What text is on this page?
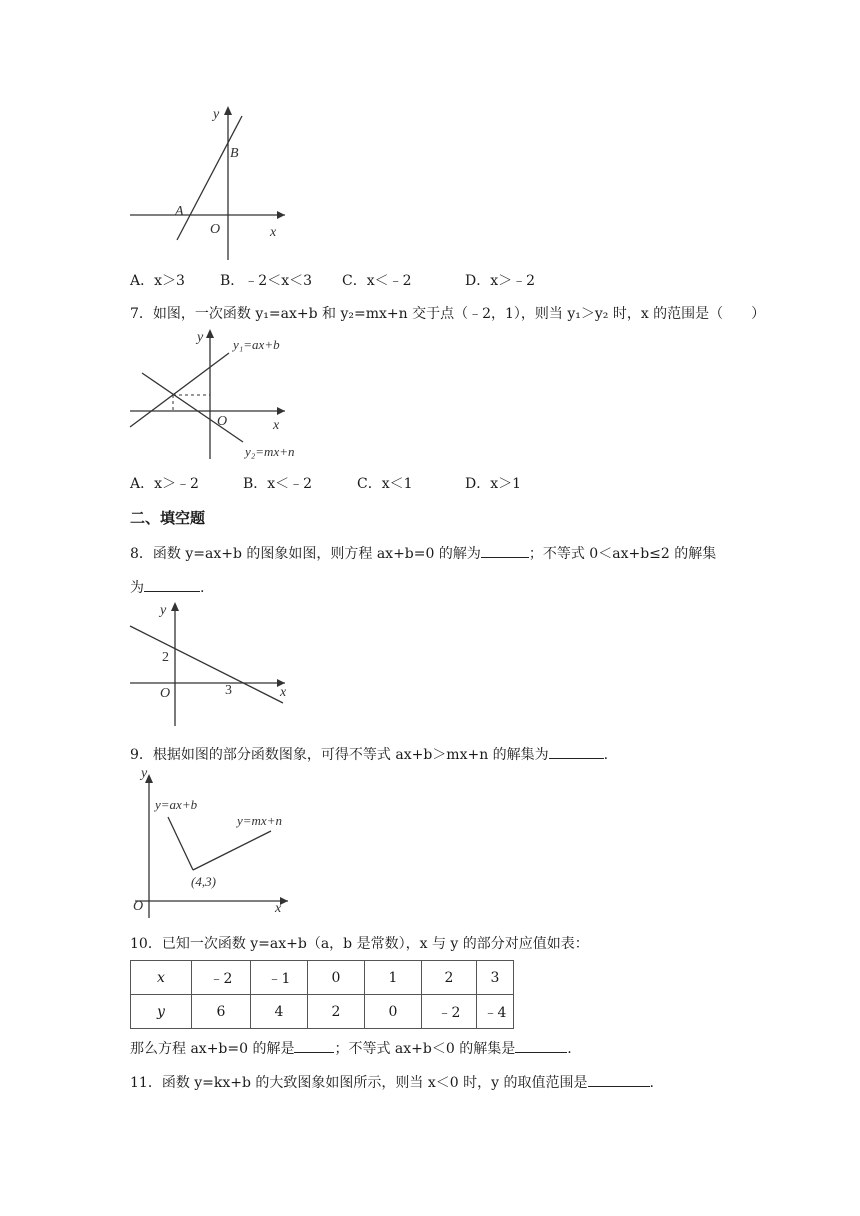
y
B
A
O	x
A．x＞3	B．﹣2＜x＜3 C．x＜﹣2	D．x＞﹣2
7．如图，一次函数 y₁=ax+b 和 y₂=mx+n 交于点（﹣2，1），则当 y₁＞y₂ 时，x 的范围是（　　）
y y₁=ax+b
O	x
y₂=mx+n
A．x＞﹣2	B．x＜﹣2	C．x＜1	D．x＞1
二、填空题
8．函数 y=ax+b 的图象如图，则方程 ax+b=0 的解为	；不等式 0＜ax+b≤2 的解集
为	.
y
2
O	3	x
9．根据如图的部分函数图象，可得不等式 ax+b＞mx+n 的解集为	.
y
y=ax+b
y=mx+n
(4,3)
O	x
10．已知一次函数 y=ax+b（a，b 是常数），x 与 y 的部分对应值如表：
x	﹣2	﹣1	0	1	2	3
y	6	4	2	0	﹣2	﹣4
那么方程 ax+b=0 的解是	；不等式 ax+b＜0 的解集是	.
11．函数 y=kx+b 的大致图象如图所示，则当 x＜0 时，y 的取值范围是	.
